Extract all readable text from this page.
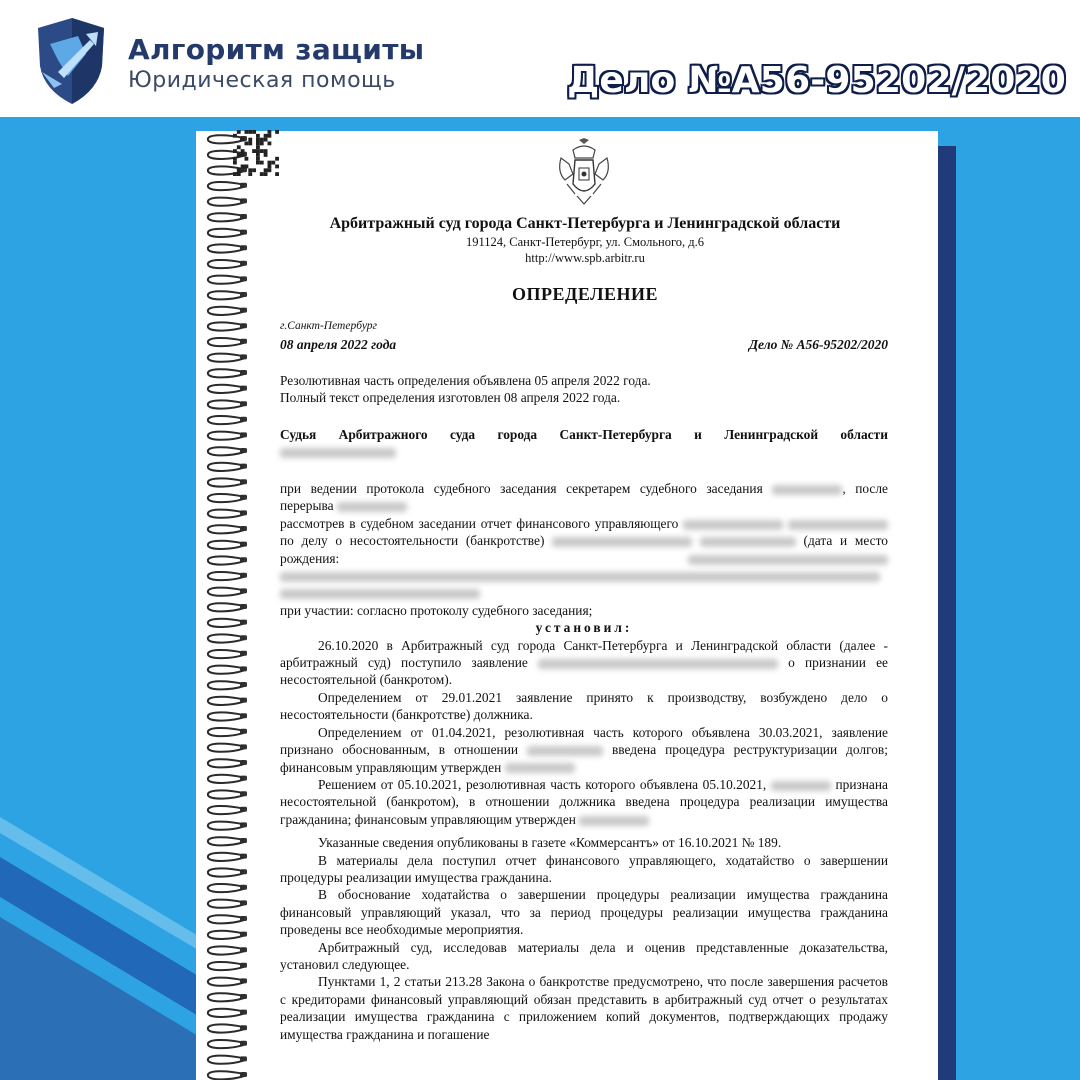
Алгоритм защиты
Юридическая помощь	Дело №А56-95202/2020
Арбитражный суд города Санкт-Петербурга и Ленинградской области
191124, Санкт-Петербург, ул. Смольного, д.6
http://www.spb.arbitr.ru
ОПРЕДЕЛЕНИЕ
г.Санкт-Петербург
08 апреля 2022 года	Дело № А56-95202/2020

Резолютивная часть определения объявлена 05 апреля 2022 года.

Полный текст определения изготовлен 08 апреля 2022 года.

Судья Арбитражного суда города Санкт-Петербурга и Ленинградской области

при ведении протокола судебного заседания секретарем судебного заседания	, после перерыва

рассмотрев в судебном заседании отчет финансового управляющего   по делу о несостоятельности (банкротстве)	(дата и место рождения:

при участии: согласно протоколу судебного заседания;

установил:

26.10.2020 в Арбитражный суд города Санкт-Петербурга и Ленинградской области (далее - арбитражный суд) поступило заявление	о признании ее несостоятельной (банкротом).

Определением от 29.01.2021 заявление принято к производству, возбуждено дело о несостоятельности (банкротстве) должника.

Определением от 01.04.2021, резолютивная часть которого объявлена 30.03.2021, заявление признано обоснованным, в отношении	введена процедура реструктуризации долгов; финансовым управляющим утвержден

Решением от 05.10.2021, резолютивная часть которого объявлена 05.10.2021,	признана несостоятельной (банкротом), в отношении должника введена процедура реализации имущества гражданина; финансовым управляющим утвержден

Указанные сведения опубликованы в газете «Коммерсантъ» от 16.10.2021 № 189.

В материалы дела поступил отчет финансового управляющего, ходатайство о завершении процедуры реализации имущества гражданина.

В обоснование ходатайства о завершении процедуры реализации имущества гражданина финансовый управляющий указал, что за период процедуры реализации имущества гражданина проведены все необходимые мероприятия.

Арбитражный суд, исследовав материалы дела и оценив представленные доказательства, установил следующее.

Пунктами 1, 2 статьи 213.28 Закона о банкротстве предусмотрено, что после завершения расчетов с кредиторами финансовый управляющий обязан представить в арбитражный суд отчет о результатах реализации имущества гражданина с приложением копий документов, подтверждающих продажу имущества гражданина и погашение
